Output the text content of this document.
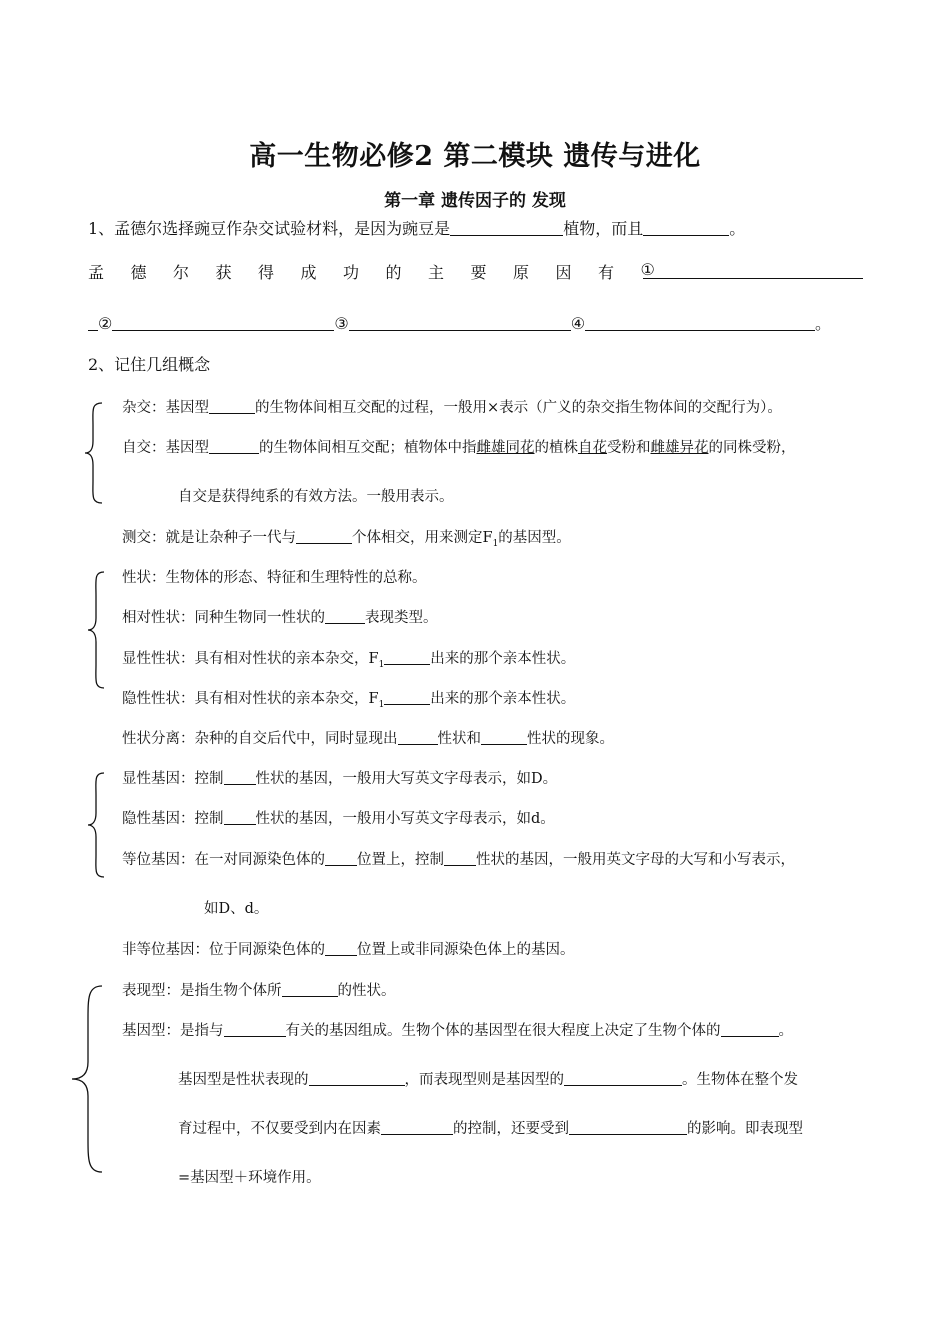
高一生物必修2 第二模块 遗传与进化
第一章 遗传因子的 发现
1、孟德尔选择豌豆作杂交试验材料，是因为豌豆是	植物，而且	。
孟 德 尔 获 得 成 功 的 主 要 原 因 有 ①
②	③	④	。
2、记住几组概念
杂交：基因型	的生物体间相互交配的过程，一般用×表示（广义的杂交指生物体间的交配行为）。
自交：基因型	的生物体间相互交配；植物体中指雌雄同花的植株自花受粉和雌雄异花的同株受粉，
自交是获得纯系的有效方法。一般用表示。
测交：就是让杂种子一代与	个体相交，用来测定$F_1$的基因型。
性状：生物体的形态、特征和生理特性的总称。
相对性状：同种生物同一性状的	表现类型。
显性性状：具有相对性状的亲本杂交，$F_1$	出来的那个亲本性状。
隐性性状：具有相对性状的亲本杂交，$F_1$	出来的那个亲本性状。
性状分离：杂种的自交后代中，同时显现出	性状和	性状的现象。
显性基因：控制 性状的基因，一般用大写英文字母表示，如D。
隐性基因：控制 性状的基因，一般用小写英文字母表示，如d。
等位基因：在一对同源染色体的 位置上，控制 性状的基因，一般用英文字母的大写和小写表示，
如D、d。
非等位基因：位于同源染色体的 位置上或非同源染色体上的基因。
表现型：是指生物个体所	的性状。
基因型：是指与	有关的基因组成。生物个体的基因型在很大程度上决定了生物个体的	。
基因型是性状表现的	，而表现型则是基因型的	。生物体在整个发
育过程中，不仅要受到内在因素	的控制，还要受到	的影响。即表现型
=基因型＋环境作用。
